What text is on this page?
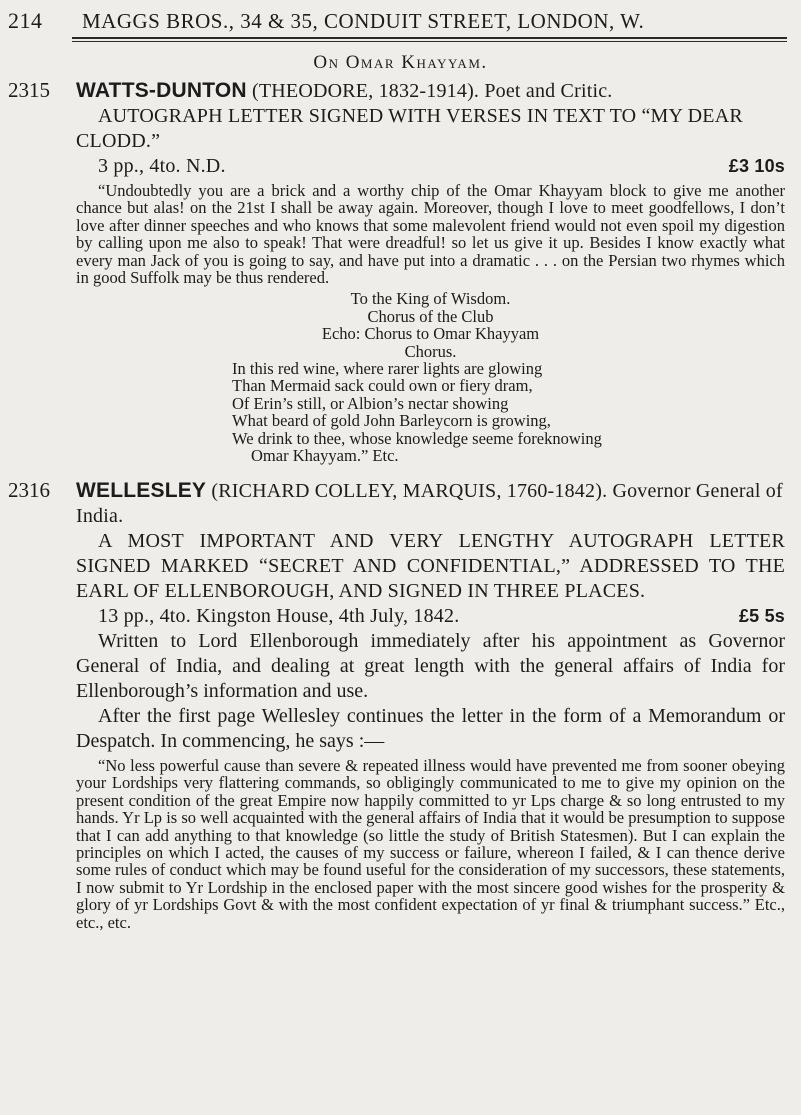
214	MAGGS BROS., 34 & 35, CONDUIT STREET, LONDON, W.
On Omar Khayyam.
2315 WATTS-DUNTON (THEODORE, 1832-1914). Poet and Critic.
AUTOGRAPH LETTER SIGNED WITH VERSES IN TEXT TO “MY DEAR CLODD.”
3 pp., 4to. N.D.	£3 10s
“Undoubtedly you are a brick and a worthy chip of the Omar Khayyam block to give me another chance but alas! on the 21st I shall be away again. Moreover, though I love to meet goodfellows, I don’t love after dinner speeches and who knows that some malevolent friend would not even spoil my digestion by calling upon me also to speak! That were dreadful! so let us give it up. Besides I know exactly what every man Jack of you is going to say, and have put into a dramatic . . . on the Persian two rhymes which in good Suffolk may be thus rendered.
To the King of Wisdom.
Chorus of the Club
Echo: Chorus to Omar Khayyam
Chorus.
In this red wine, where rarer lights are glowing
Than Mermaid sack could own or fiery dram,
Of Erin’s still, or Albion’s nectar showing
What beard of gold John Barleycorn is growing,
We drink to thee, whose knowledge seeme foreknowing
Omar Khayyam.” Etc.
2316 WELLESLEY (RICHARD COLLEY, MARQUIS, 1760-1842). Governor General of India.
A MOST IMPORTANT AND VERY LENGTHY AUTOGRAPH LETTER SIGNED MARKED “SECRET AND CONFIDENTIAL,” ADDRESSED TO THE EARL OF ELLENBOROUGH, AND SIGNED IN THREE PLACES.
13 pp., 4to. Kingston House, 4th July, 1842.	£5 5s
Written to Lord Ellenborough immediately after his appointment as Governor General of India, and dealing at great length with the general affairs of India for Ellenborough’s information and use.
After the first page Wellesley continues the letter in the form of a Memorandum or Despatch. In commencing, he says :—
“No less powerful cause than severe & repeated illness would have prevented me from sooner obeying your Lordships very flattering commands, so obligingly communicated to me to give my opinion on the present condition of the great Empire now happily committed to yr Lps charge & so long entrusted to my hands. Yr Lp is so well acquainted with the general affairs of India that it would be presumption to suppose that I can add anything to that knowledge (so little the study of British Statesmen). But I can explain the principles on which I acted, the causes of my success or failure, whereon I failed, & I can thence derive some rules of conduct which may be found useful for the consideration of my successors, these statements, I now submit to Yr Lordship in the enclosed paper with the most sincere good wishes for the prosperity & glory of yr Lordships Govt & with the most confident expectation of yr final & triumphant success.” Etc., etc., etc.
